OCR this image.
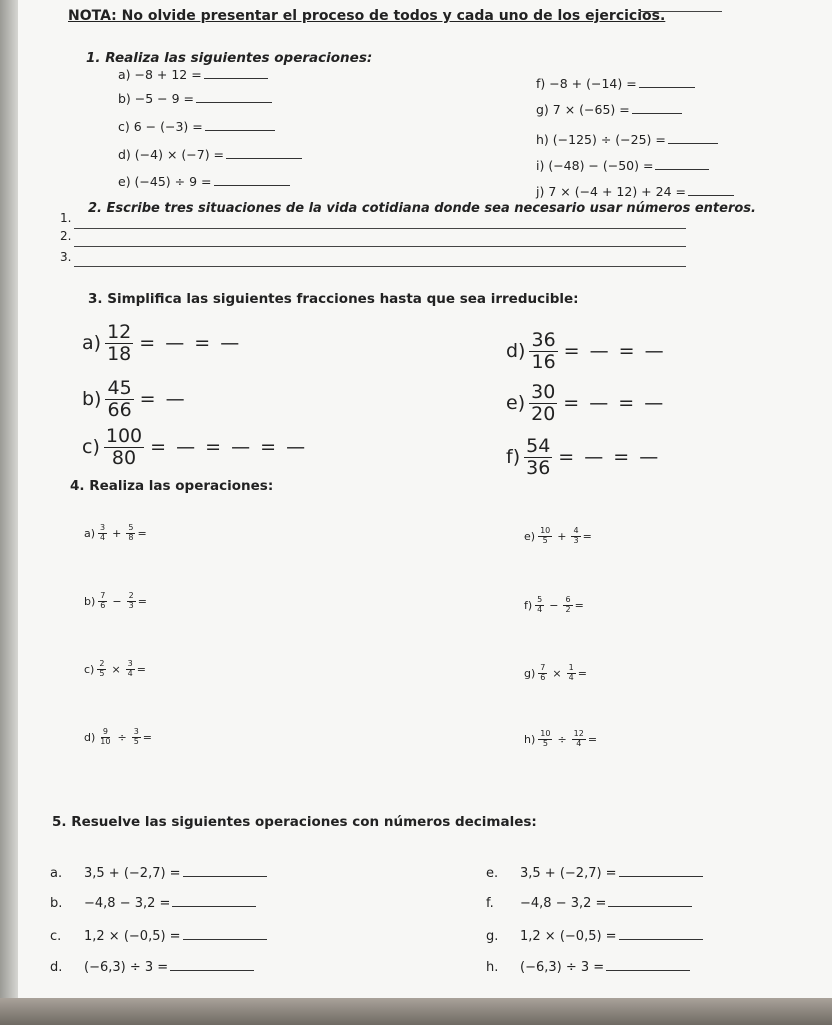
NOTA: No olvide presentar el proceso de todos y cada uno de los ejercicios.
1. Realiza las siguientes operaciones:
a) −8 + 12 =
b) −5 − 9 =
c) 6 − (−3) =
d) (−4) × (−7) =
e) (−45) ÷ 9 =
f) −8 + (−14) =
g) 7 × (−65) =
h) (−125) ÷ (−25) =
i) (−48) − (−50) =
j) 7 × (−4 + 12) + 24 =
2. Escribe tres situaciones de la vida cotidiana donde sea necesario usar números enteros.
1.
2.
3.
3. Simplifica las siguientes fracciones hasta que sea irreducible:
$a) \frac{12}{18}$ = — = —
$b) \frac{45}{66}$ = —
$c) \frac{100}{80}$ = — = — = —
$d) \frac{36}{16}$ = — = —
$e) \frac{30}{20}$ = — = —
$f) \frac{54}{36}$ = — = —
4. Realiza las operaciones:
$a) \frac{3}{4} + \frac{5}{8}$ =
$b) \frac{7}{6} - \frac{2}{3}$ =
$c) \frac{2}{5} \times \frac{3}{4}$ =
$d) \frac{9}{10} \div \frac{3}{5}$ =
$e) \frac{10}{5} + \frac{4}{3}$ =
$f) \frac{5}{4} - \frac{6}{2}$ =
$g) \frac{7}{6} \times \frac{1}{4}$ =
$h) \frac{10}{5} \div \frac{12}{4}$ =
5. Resuelve las siguientes operaciones con números decimales:
a. 3,5 + (−2,7) =
b. −4,8 − 3,2 =
c. 1,2 × (−0,5) =
d. (−6,3) ÷ 3 =
e. 3,5 + (−2,7) =
f. −4,8 − 3,2 =
g. 1,2 × (−0,5) =
h. (−6,3) ÷ 3 =
